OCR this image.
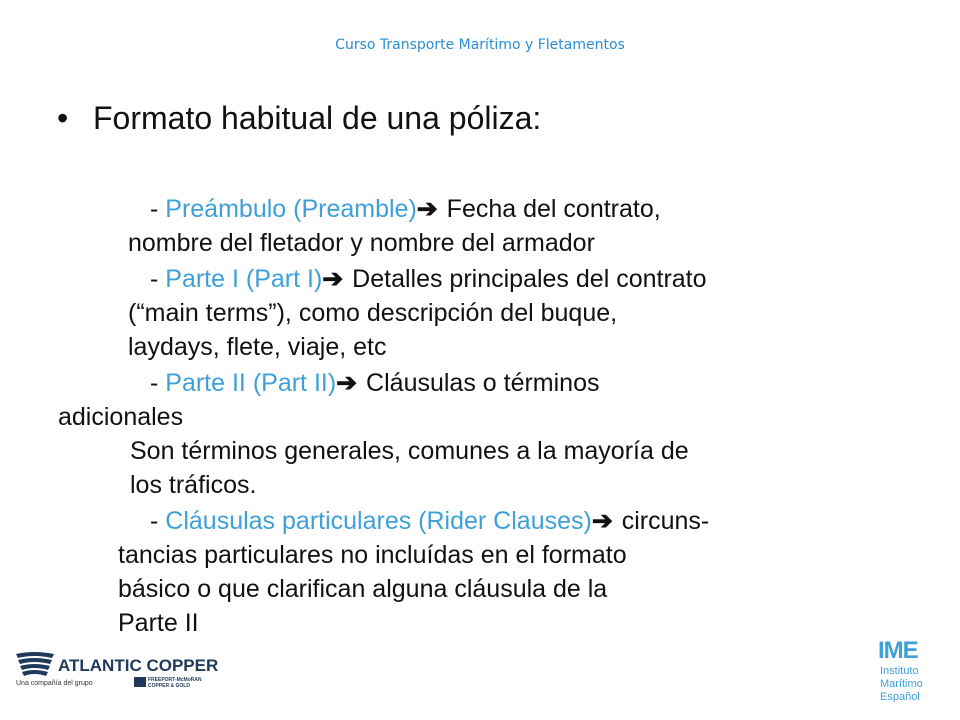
Curso Transporte Marítimo y Fletamentos
• Formato habitual de una póliza:
- Preámbulo (Preamble)➔ Fecha del contrato,
nombre del fletador y nombre del armador
- Parte I (Part I)➔ Detalles principales del contrato
(“main terms”), como descripción del buque,
laydays, flete, viaje, etc
- Parte II (Part II)➔ Cláusulas o términos
adicionales
Son términos generales, comunes a la mayoría de
los tráficos.
- Cláusulas particulares (Rider Clauses)➔ circuns-
tancias particulares no incluídas en el formato
básico o que clarifican alguna cláusula de la
Parte II
ATLANTIC COPPER
Una compañía del grupo	FREEPORT-McMoRAN
COPPER & GOLD
IME
Instituto
Marítimo
Español
